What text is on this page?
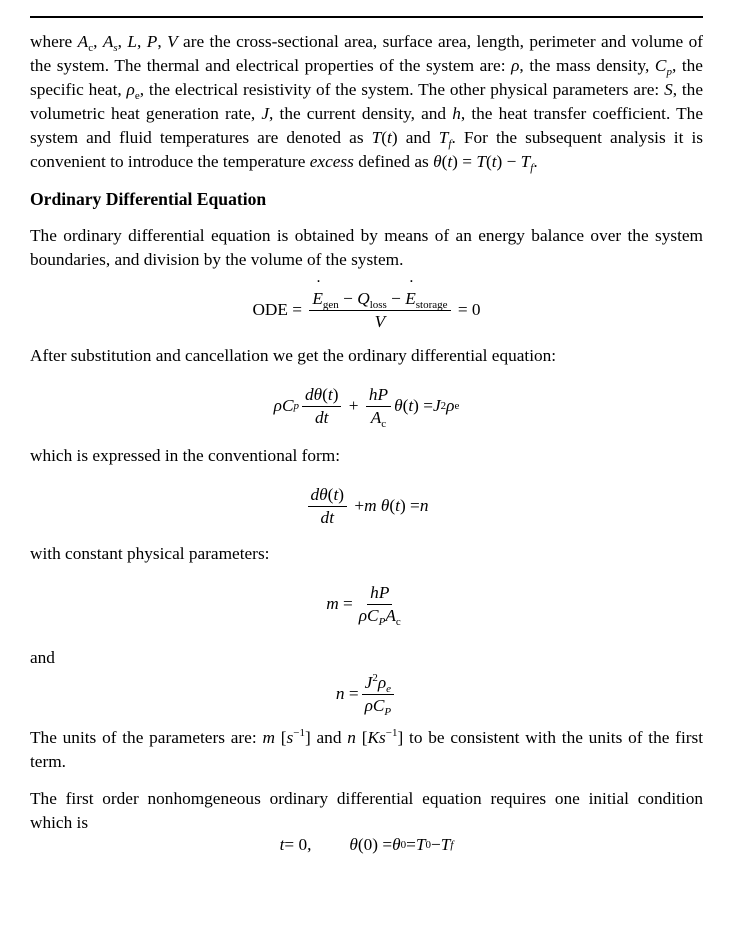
where $A_c$, $A_s$, L, P, V are the cross-sectional area, surface area, length, perimeter and volume of the system. The thermal and electrical properties of the system are: ρ, the mass density, $C_p$, the specific heat, $\rho_e$, the electrical resistivity of the system. The other physical parameters are: S, the volumetric heat generation rate, J, the current density, and h, the heat transfer coefficient. The system and fluid temperatures are denoted as T(t) and $T_f$. For the subsequent analysis it is convenient to introduce the temperature excess defined as $\theta(t) = T(t) - T_f$.

Ordinary Differential Equation

The ordinary differential equation is obtained by means of an energy balance over the system boundaries, and division by the volume of the system.

ODE = $\frac{E ˙_{gen} - Q_{loss} - E ˙_{storage}}{V} = 0$

After substitution and cancellation we get the ordinary differential equation:

ρC p $\frac{d\theta(t)}{dt} + \frac{hP}{A_c}$ θ ( t ) = J 2 ρ e

which is expressed in the conventional form:

$\frac{d\theta(t)}{dt} + m$
θ ( t ) = n

with constant physical parameters:

$m = \frac{hP}{\rho C_PA_c}$

and

$n = \frac{J^2\rho_e}{\rho C_P}$

The units of the parameters are: m $[s^{-1}]$ and n $[Ks^{-1}]$ to be consistent with the units of the first term.

The first order nonhomgeneous ordinary differential equation requires one initial condition which is

t = 0, θ (0) = θ 0 = T 0 − T f
